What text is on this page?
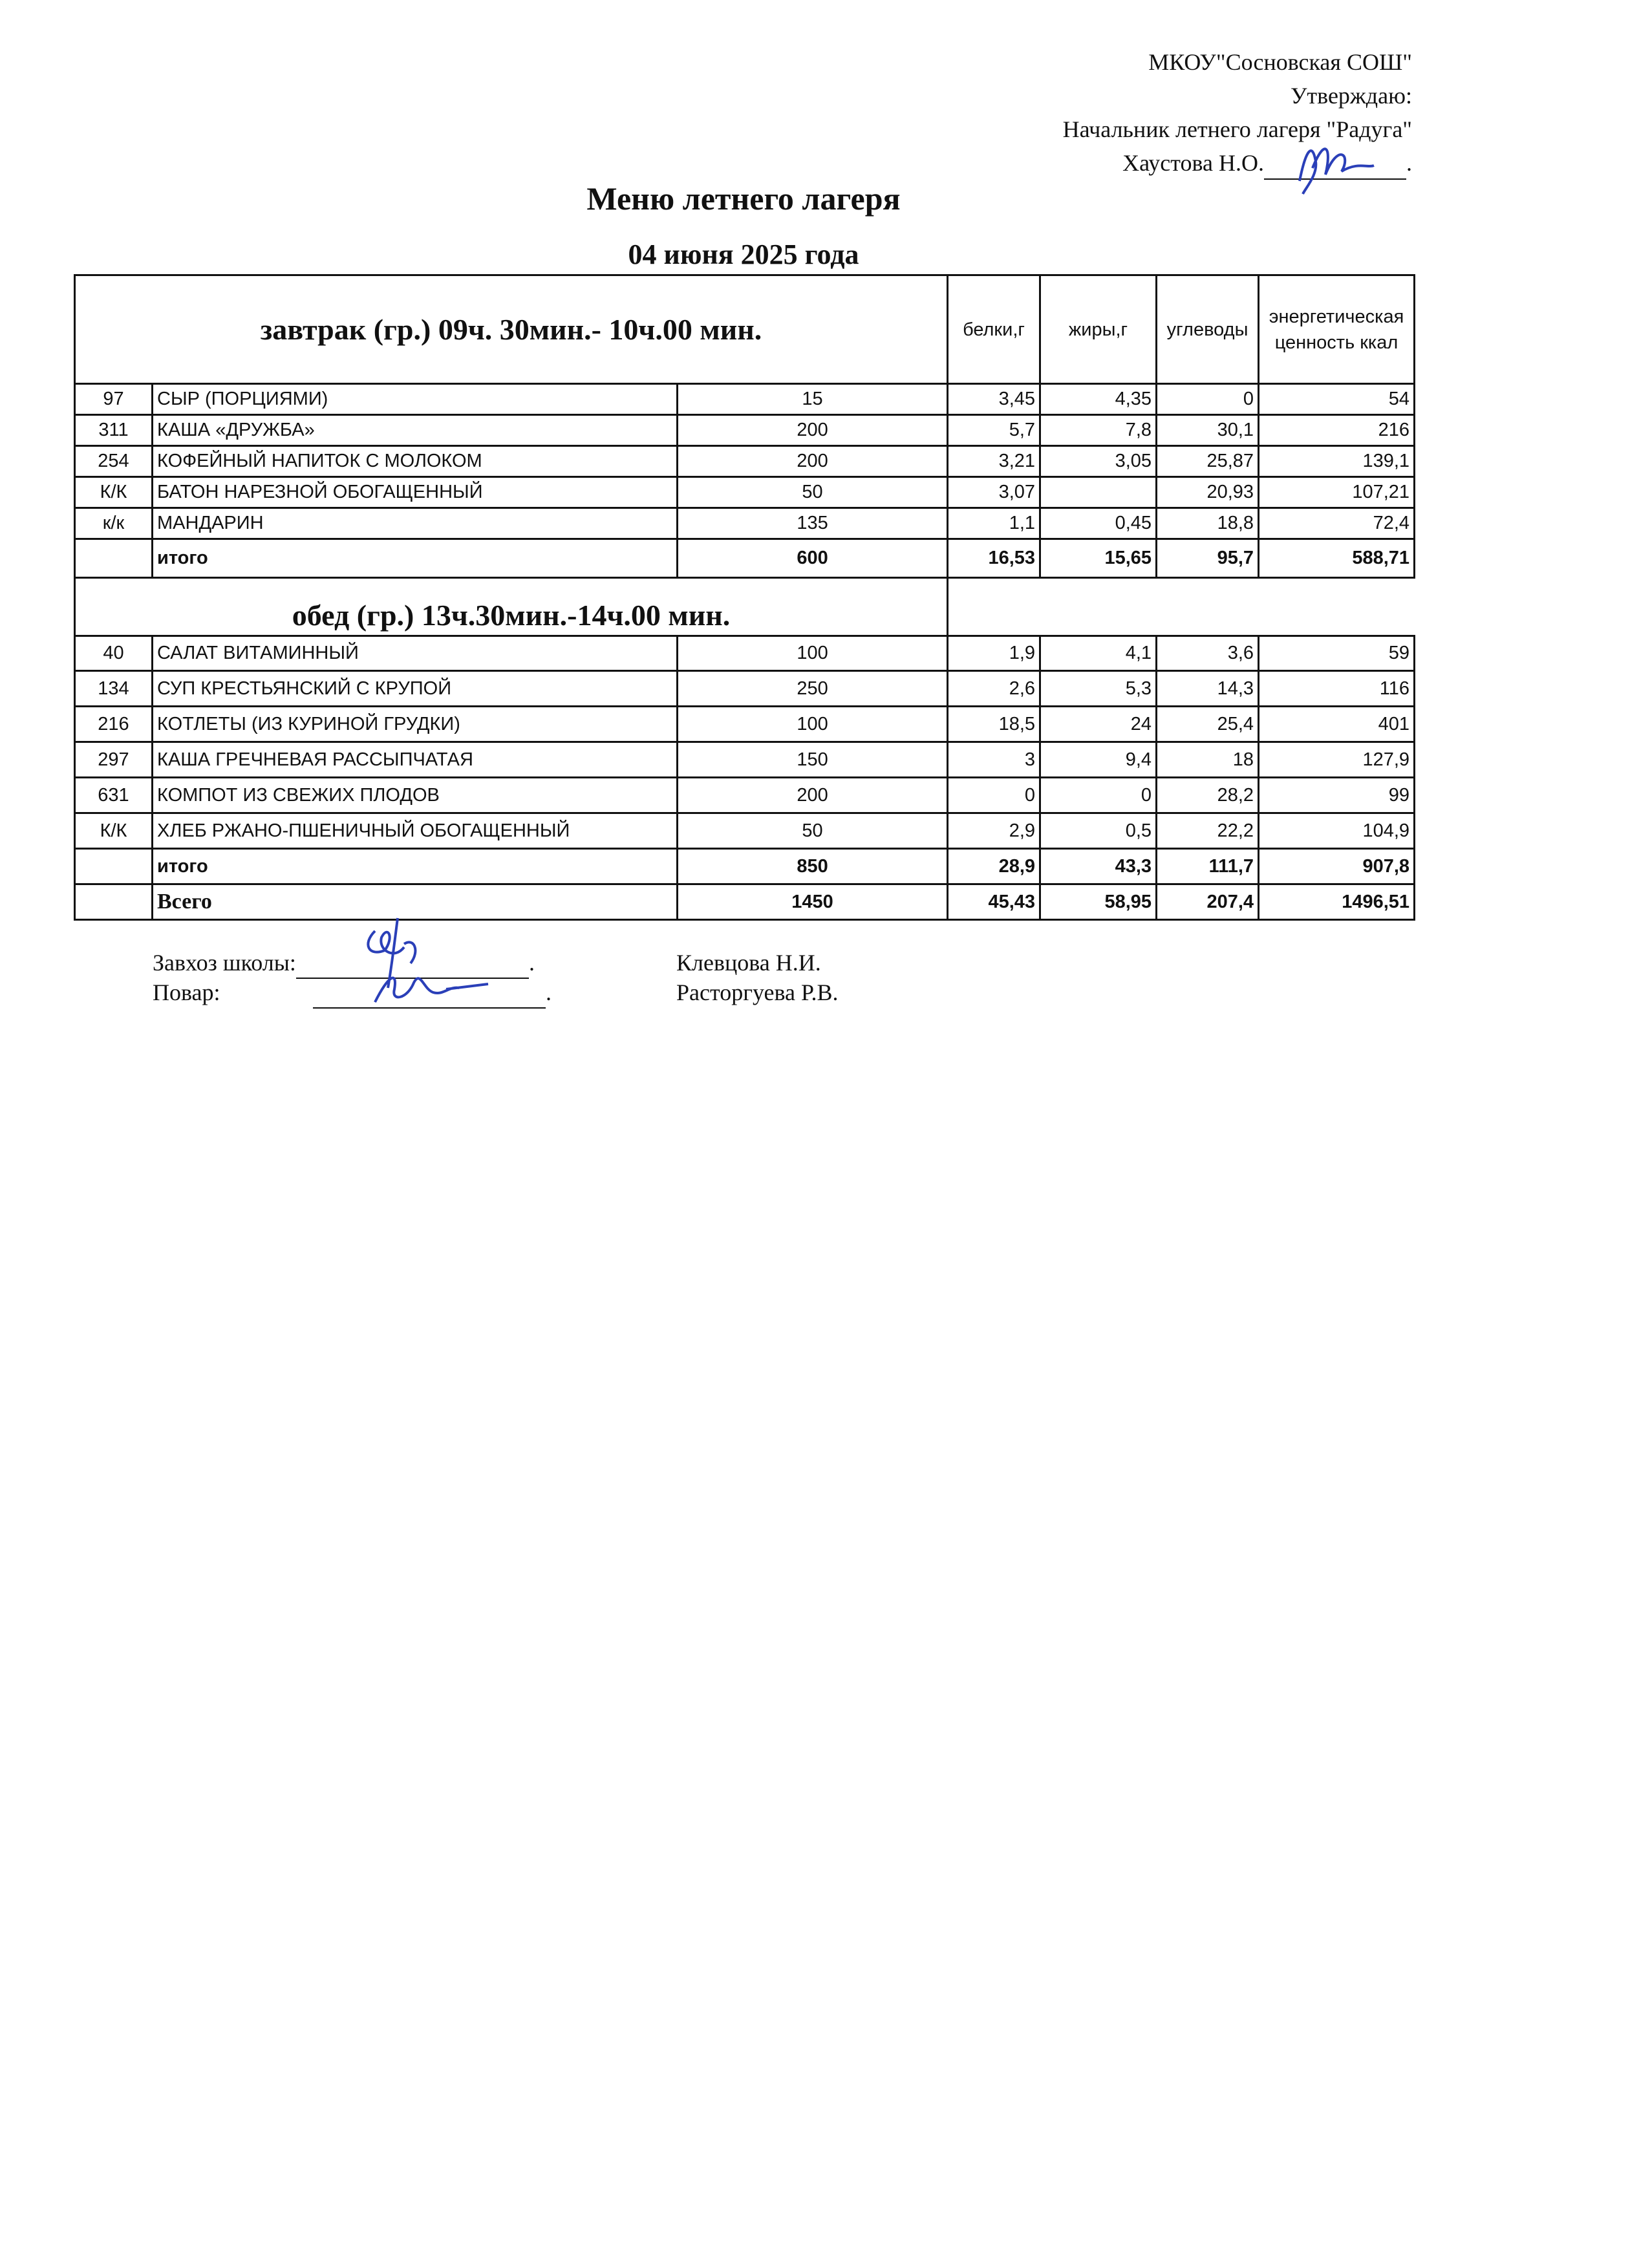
МКОУ"Сосновская СОШ"
Утверждаю:
Начальник летнего лагеря "Радуга"
Хаустова Н.О.	.
Меню летнего лагеря
04 июня 2025 года
завтрак (гр.) 09ч. 30мин.- 10ч.00 мин.			белки,г	жиры,г	углеводы	энергетическая ценность ккал
97	СЫР (ПОРЦИЯМИ)	15	3,45	4,35	0	54
311	КАША «ДРУЖБА»	200	5,7	7,8	30,1	216
254	КОФЕЙНЫЙ НАПИТОК С МОЛОКОМ	200	3,21	3,05	25,87	139,1
К/К	БАТОН НАРЕЗНОЙ ОБОГАЩЕННЫЙ	50	3,07		20,93	107,21
к/к	МАНДАРИН	135	1,1	0,45	18,8	72,4
	итого	600	16,53	15,65	95,7	588,71
обед (гр.) 13ч.30мин.-14ч.00 мин.						
40	САЛАТ ВИТАМИННЫЙ	100	1,9	4,1	3,6	59
134	СУП КРЕСТЬЯНСКИЙ С КРУПОЙ	250	2,6	5,3	14,3	116
216	КОТЛЕТЫ (ИЗ КУРИНОЙ ГРУДКИ)	100	18,5	24	25,4	401
297	КАША ГРЕЧНЕВАЯ РАССЫПЧАТАЯ	150	3	9,4	18	127,9
631	КОМПОТ ИЗ СВЕЖИХ ПЛОДОВ	200	0	0	28,2	99
К/К	ХЛЕБ РЖАНО-ПШЕНИЧНЫЙ ОБОГАЩЕННЫЙ	50	2,9	0,5	22,2	104,9
	итого	850	28,9	43,3	111,7	907,8
	Всего	1450	45,43	58,95	207,4	1496,51
Завхоз школы:	.	Клевцова Н.И.
Повар:	.	Расторгуева Р.В.
